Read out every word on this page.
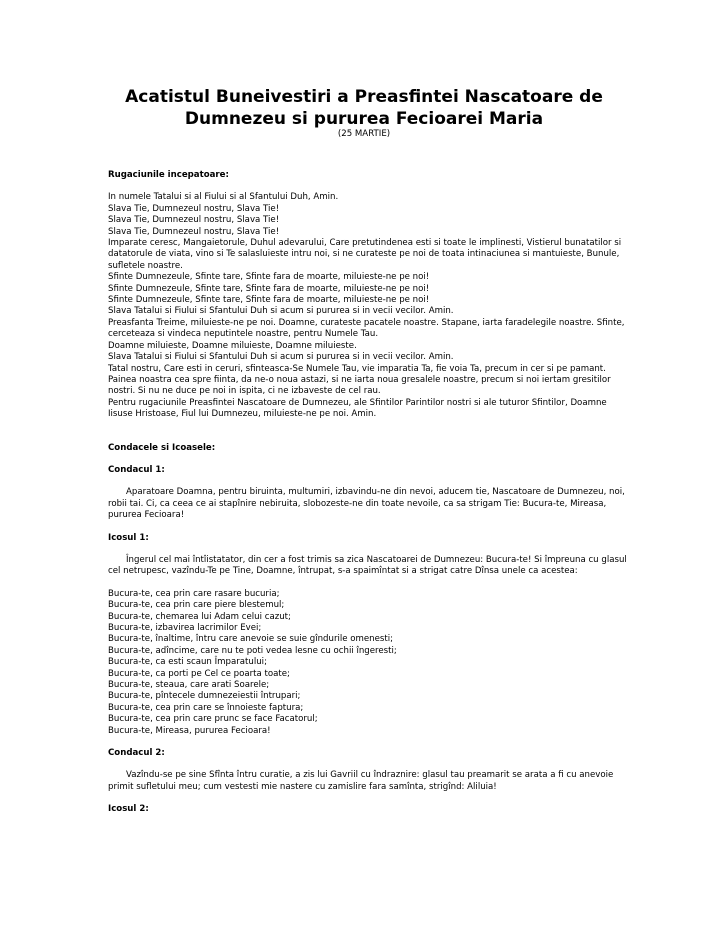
Acatistul Buneivestiri a Preasfintei Nascatoare de Dumnezeu si pururea Fecioarei Maria
(25 MARTIE)

Rugaciunile incepatoare:

In numele Tatalui si al Fiului si al Sfantului Duh, Amin.

Slava Tie, Dumnezeul nostru, Slava Tie!

Slava Tie, Dumnezeul nostru, Slava Tie!

Slava Tie, Dumnezeul nostru, Slava Tie!

Imparate ceresc, Mangaietorule, Duhul adevarului, Care pretutindenea esti si toate le implinesti, Vistierul bunatatilor si datatorule de viata, vino si Te salasluieste intru noi, si ne curateste pe noi de toata intinaciunea si mantuieste, Bunule, sufletele noastre.

Sfinte Dumnezeule, Sfinte tare, Sfinte fara de moarte, miluieste-ne pe noi!

Sfinte Dumnezeule, Sfinte tare, Sfinte fara de moarte, miluieste-ne pe noi!

Sfinte Dumnezeule, Sfinte tare, Sfinte fara de moarte, miluieste-ne pe noi!

Slava Tatalui si Fiului si Sfantului Duh si acum si pururea si in vecii vecilor. Amin.

Preasfanta Treime, miluieste-ne pe noi. Doamne, curateste pacatele noastre. Stapane, iarta faradelegile noastre. Sfinte, cerceteaza si vindeca neputintele noastre, pentru Numele Tau.

Doamne miluieste, Doamne miluieste, Doamne miluieste.

Slava Tatalui si Fiului si Sfantului Duh si acum si pururea si in vecii vecilor. Amin.

Tatal nostru, Care esti in ceruri, sfinteasca-Se Numele Tau, vie imparatia Ta, fie voia Ta, precum in cer si pe pamant. Painea noastra cea spre fiinta, da ne-o noua astazi, si ne iarta noua gresalele noastre, precum si noi iertam gresitilor nostri. Si nu ne duce pe noi in ispita, ci ne izbaveste de cel rau.

Pentru rugaciunile Preasfintei Nascatoare de Dumnezeu, ale Sfintilor Parintilor nostri si ale tuturor Sfintilor, Doamne Iisuse Hristoase, Fiul lui Dumnezeu, miluieste-ne pe noi. Amin.

Condacele si Icoasele:

Condacul 1:

Aparatoare Doamna, pentru biruinta, multumiri, izbavindu-ne din nevoi, aducem tie, Nascatoare de Dumnezeu, noi, robii tai. Ci, ca ceea ce ai stapînire nebiruita, slobozeste-ne din toate nevoile, ca sa strigam Tie: Bucura-te, Mireasa, pururea Fecioara!

Icosul 1:

Îngerul cel mai întîistatator, din cer a fost trimis sa zica Nascatoarei de Dumnezeu: Bucura-te! Si împreuna cu glasul cel netrupesc, vazîndu-Te pe Tine, Doamne, întrupat, s-a spaimîntat si a strigat catre Dînsa unele ca acestea:

Bucura-te, cea prin care rasare bucuria;

Bucura-te, cea prin care piere blestemul;

Bucura-te, chemarea lui Adam celui cazut;

Bucura-te, izbavirea lacrimilor Evei;

Bucura-te, înaltime, întru care anevoie se suie gîndurile omenesti;

Bucura-te, adîncime, care nu te poti vedea lesne cu ochii îngeresti;

Bucura-te, ca esti scaun Împaratului;

Bucura-te, ca porti pe Cel ce poarta toate;

Bucura-te, steaua, care arati Soarele;

Bucura-te, pîntecele dumnezeiestii întrupari;

Bucura-te, cea prin care se înnoieste faptura;

Bucura-te, cea prin care prunc se face Facatorul;

Bucura-te, Mireasa, pururea Fecioara!

Condacul 2:

Vazîndu-se pe sine Sfînta întru curatie, a zis lui Gavriil cu îndraznire: glasul tau preamarit se arata a fi cu anevoie primit sufletului meu; cum vestesti mie nastere cu zamislire fara samînta, strigînd: Aliluia!

Icosul 2:
